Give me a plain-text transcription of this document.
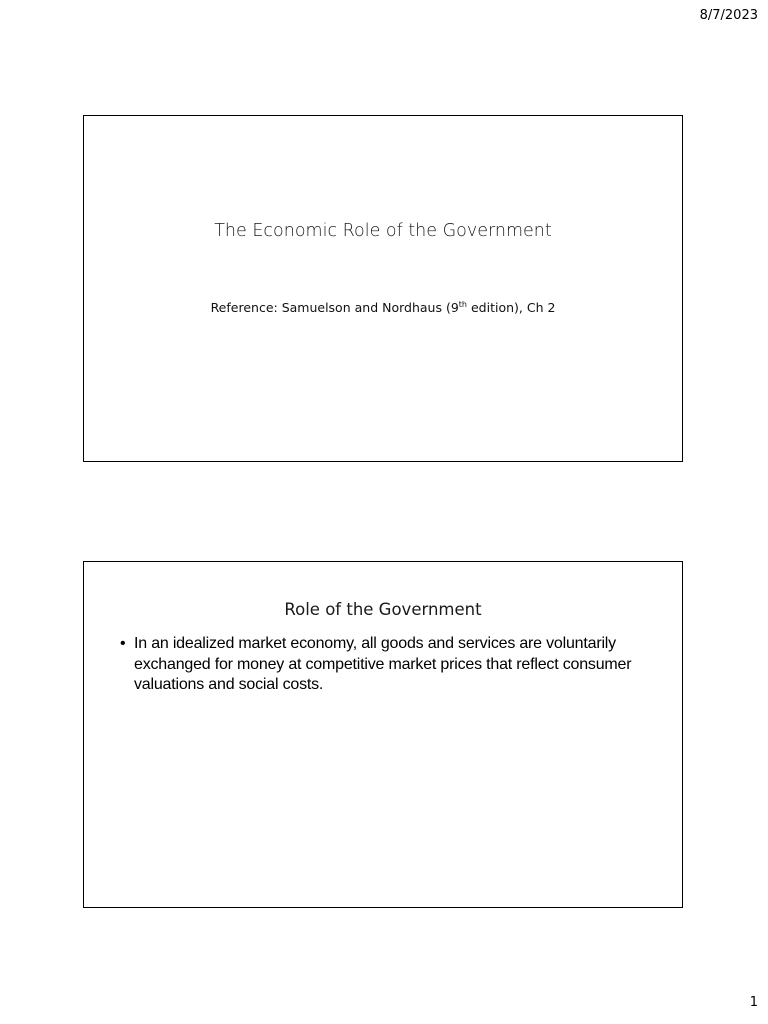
8/7/2023
The Economic Role of the Government
Reference: Samuelson and Nordhaus (9th edition), Ch 2
Role of the Government
• In an idealized market economy, all goods and services are voluntarily exchanged for money at competitive market prices that reflect consumer valuations and social costs.
1
